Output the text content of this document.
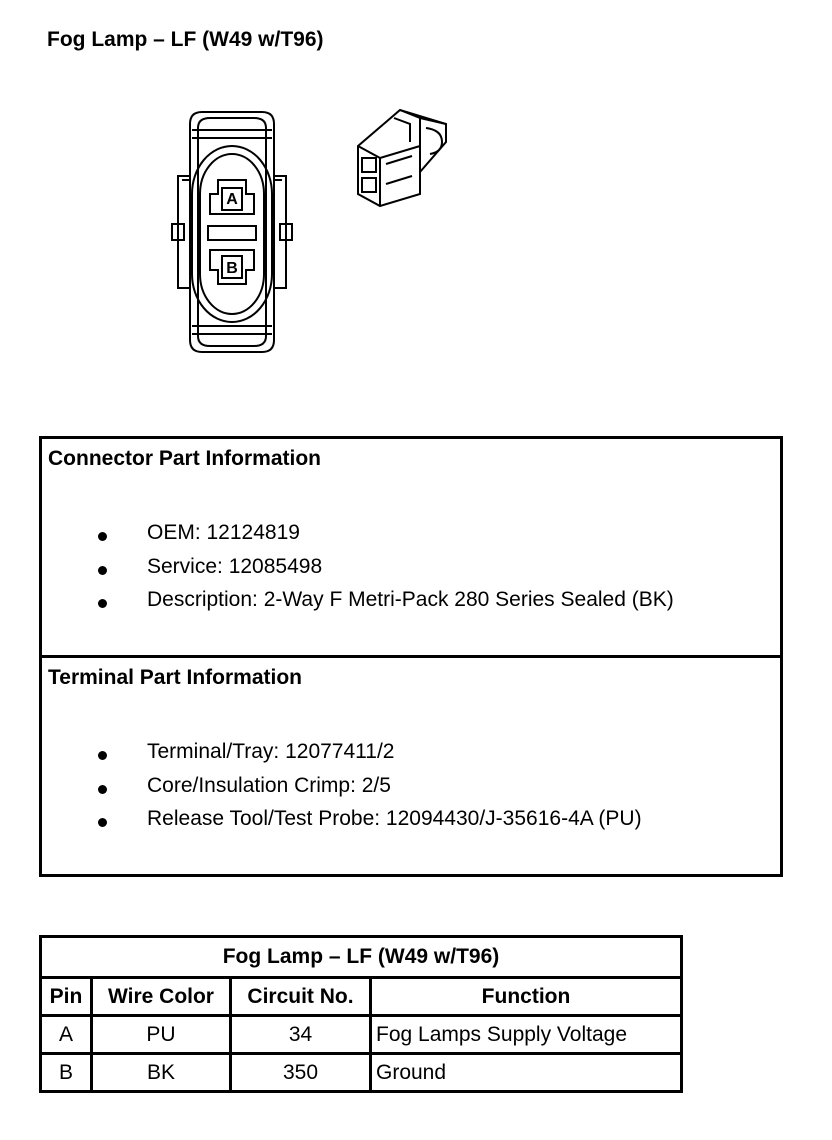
Fog Lamp – LF (W49 w/T96)
A
B
Connector Part Information
OEM: 12124819
Service: 12085498
Description: 2-Way F Metri-Pack 280 Series Sealed (BK)
Terminal Part Information
Terminal/Tray: 12077411/2
Core/Insulation Crimp: 2/5
Release Tool/Test Probe: 12094430/J-35616-4A (PU)
Fog Lamp – LF (W49 w/T96)			
Pin	Wire Color	Circuit No.	Function
A	PU	34	Fog Lamps Supply Voltage
B	BK	350	Ground
